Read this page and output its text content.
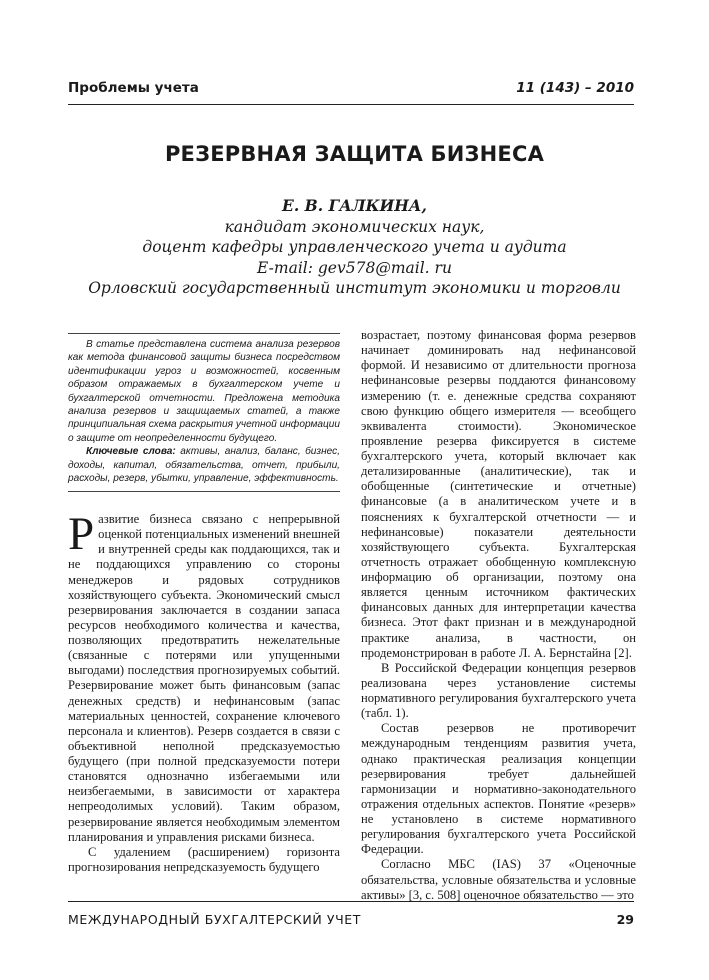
Проблемы учета	11 (143) – 2010
РЕЗЕРВНАЯ ЗАЩИТА БИЗНЕСА
Е. В. ГАЛКИНА,
кандидат экономических наук,
доцент кафедры управленческого учета и аудита
E-mail: gev578@mail. ru
Орловский государственный институт экономики и торговли

В статье представлена система анализа резервов как метода финансовой защиты бизнеса посредством идентификации угроз и возможностей, косвенным образом отражаемых в бухгалтерском учете и бухгалтерской отчетности. Предложена методика анализа резервов и защищаемых статей, а также принципиальная схема раскрытия учетной информации о защите от неопределенности будущего.

Ключевые слова: активы, анализ, баланс, бизнес, доходы, капитал, обязательства, отчет, прибыли, расходы, резерв, убытки, управление, эффективность.

Развитие бизнеса связано с непрерывной оценкой потенциальных изменений внешней и внутренней среды как поддающихся, так и не поддающихся управлению со стороны менеджеров и рядовых сотрудников хозяйствующего субъекта. Экономический смысл резервирования заключается в создании запаса ресурсов необходимого количества и качества, позволяющих предотвратить нежелательные (связанные с потерями или упущенными выгодами) последствия прогнозируемых событий. Резервирование может быть финансовым (запас денежных средств) и нефинансовым (запас материальных ценностей, сохранение ключевого персонала и клиентов). Резерв создается в связи с объективной неполной предсказуемостью будущего (при полной предсказуемости потери становятся однозначно избегаемыми или неизбегаемыми, в зависимости от характера непреодолимых условий). Таким образом, резервирование является необходимым элементом планирования и управления рисками бизнеса.

С удалением (расширением) горизонта прогнозирования непредсказуемость будущего

возрастает, поэтому финансовая форма резервов начинает доминировать над нефинансовой формой. И независимо от длительности прогноза нефинансовые резервы поддаются финансовому измерению (т. е. денежные средства сохраняют свою функцию общего измерителя — всеобщего эквивалента стоимости). Экономическое проявление резерва фиксируется в системе бухгалтерского учета, который включает как детализированные (аналитические), так и обобщенные (синтетические и отчетные) финансовые (а в аналитическом учете и в пояснениях к бухгалтерской отчетности — и нефинансовые) показатели деятельности хозяйствующего субъекта. Бухгалтерская отчетность отражает обобщенную комплексную информацию об организации, поэтому она является ценным источником фактических финансовых данных для интерпретации качества бизнеса. Этот факт признан и в международной практике анализа, в частности, он продемонстрирован в работе Л. А. Бернстайна [2].

В Российской Федерации концепция резервов реализована через установление системы нормативного регулирования бухгалтерского учета (табл. 1).

Состав резервов не противоречит международным тенденциям развития учета, однако практическая реализация концепции резервирования требует дальнейшей гармонизации и нормативно-законодательного отражения отдельных аспектов. Понятие «резерв» не установлено в системе нормативного регулирования бухгалтерского учета Российской Федерации.

Согласно МБС (IAS) 37 «Оценочные обязательства, условные обязательства и условные активы» [3, с. 508] оценочное обязательство — это

МЕЖДУНАРОДНЫЙ БУХГАЛТЕРСКИЙ УЧЕТ	29
